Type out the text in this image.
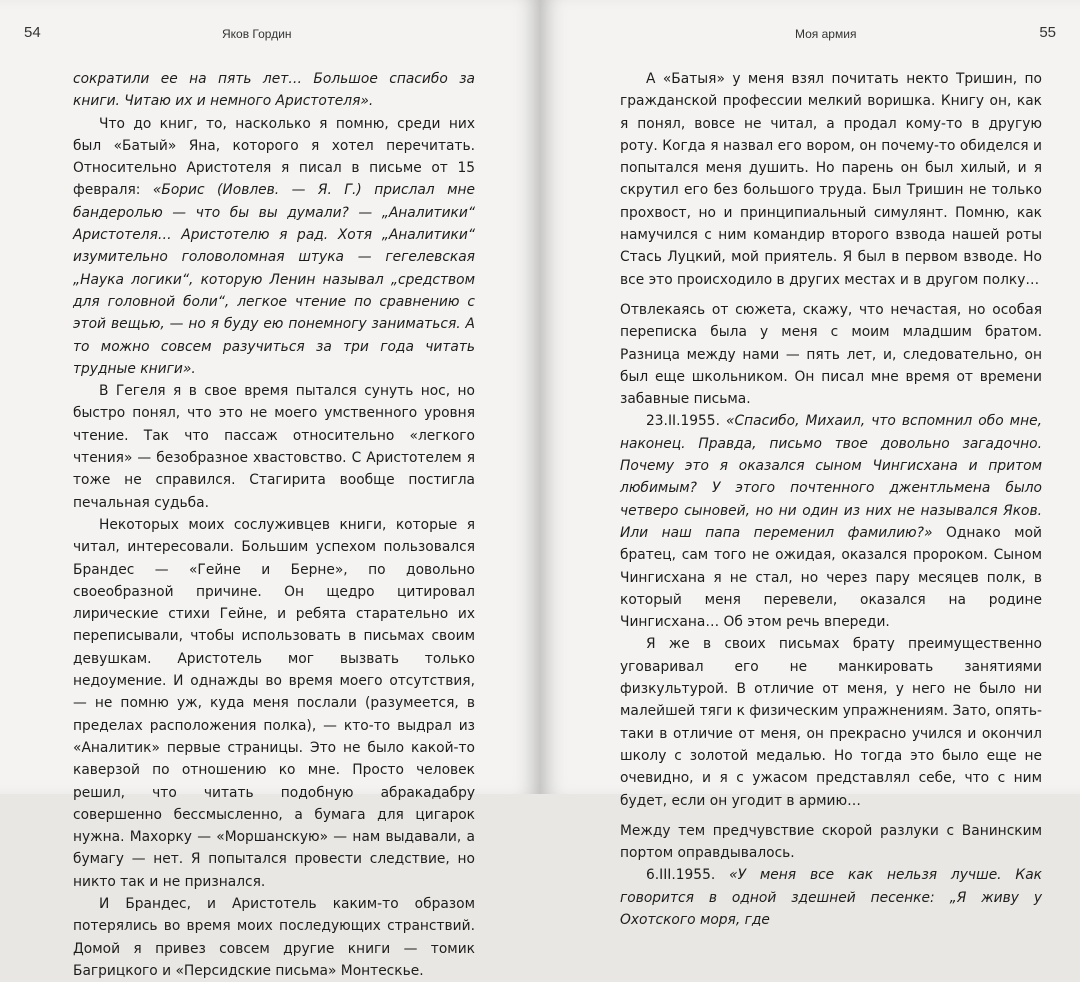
54	Яков Гордин

сократили ее на пять лет… Большое спасибо за книги. Читаю их и немного Аристотеля».

Что до книг, то, насколько я помню, среди них был «Батый» Яна, которого я хотел перечитать. Относительно Аристотеля я писал в письме от 15 февраля: «Борис (Иовлев. — Я. Г.) прислал мне бандеролью — что бы вы думали? — „Аналитики“ Аристотеля… Аристотелю я рад. Хотя „Аналитики“ изумительно головоломная штука — гегелевская „Наука логики“, которую Ленин называл „средством для головной боли“, легкое чтение по сравнению с этой вещью, — но я буду ею понемногу заниматься. А то можно совсем разучиться за три года читать трудные книги».

В Гегеля я в свое время пытался сунуть нос, но быстро понял, что это не моего умственного уровня чтение. Так что пассаж относительно «легкого чтения» — безобразное хвастовство. С Аристотелем я тоже не справился. Стагирита вообще постигла печальная судьба.

Некоторых моих сослуживцев книги, которые я читал, интересовали. Большим успехом пользовался Брандес — «Гейне и Берне», по довольно своеобразной причине. Он щедро цитировал лирические стихи Гейне, и ребята старательно их переписывали, чтобы использовать в письмах своим девушкам. Аристотель мог вызвать только недоумение. И однажды во время моего отсутствия, — не помню уж, куда меня послали (разумеется, в пределах расположения полка), — кто-то выдрал из «Аналитик» первые страницы. Это не было какой-то каверзой по отношению ко мне. Просто человек решил, что читать подобную абракадабру совершенно бессмысленно, а бумага для цигарок нужна. Махорку — «Моршанскую» — нам выдавали, а бумагу — нет. Я попытался провести следствие, но никто так и не признался.

И Брандес, и Аристотель каким-то образом потерялись во время моих последующих странствий. Домой я привез совсем другие книги — томик Багрицкого и «Персидские письма» Монтескье.

Моя армия	55

А «Батыя» у меня взял почитать некто Тришин, по гражданской профессии мелкий воришка. Книгу он, как я понял, вовсе не читал, а продал кому-то в другую роту. Когда я назвал его вором, он почему-то обиделся и попытался меня душить. Но парень он был хилый, и я скрутил его без большого труда. Был Тришин не только прохвост, но и принципиальный симулянт. Помню, как намучился с ним командир второго взвода нашей роты Стась Луцкий, мой приятель. Я был в первом взводе. Но все это происходило в других местах и в другом полку…

Отвлекаясь от сюжета, скажу, что нечастая, но особая переписка была у меня с моим младшим братом. Разница между нами — пять лет, и, следовательно, он был еще школьником. Он писал мне время от времени забавные письма.

23.II.1955. «Спасибо, Михаил, что вспомнил обо мне, наконец. Правда, письмо твое довольно загадочно. Почему это я оказался сыном Чингисхана и притом любимым? У этого почтенного джентльмена было четверо сыновей, но ни один из них не назывался Яков. Или наш папа переменил фамилию?» Однако мой братец, сам того не ожидая, оказался пророком. Сыном Чингисхана я не стал, но через пару месяцев полк, в который меня перевели, оказался на родине Чингисхана… Об этом речь впереди.

Я же в своих письмах брату преимущественно уговаривал его не манкировать занятиями физкультурой. В отличие от меня, у него не было ни малейшей тяги к физическим упражнениям. Зато, опять-таки в отличие от меня, он прекрасно учился и окончил школу с золотой медалью. Но тогда это было еще не очевидно, и я с ужасом представлял себе, что с ним будет, если он угодит в армию…

Между тем предчувствие скорой разлуки с Ванинским портом оправдывалось.

6.III.1955. «У меня все как нельзя лучше. Как говорится в одной здешней песенке: „Я живу у Охотского моря, где
